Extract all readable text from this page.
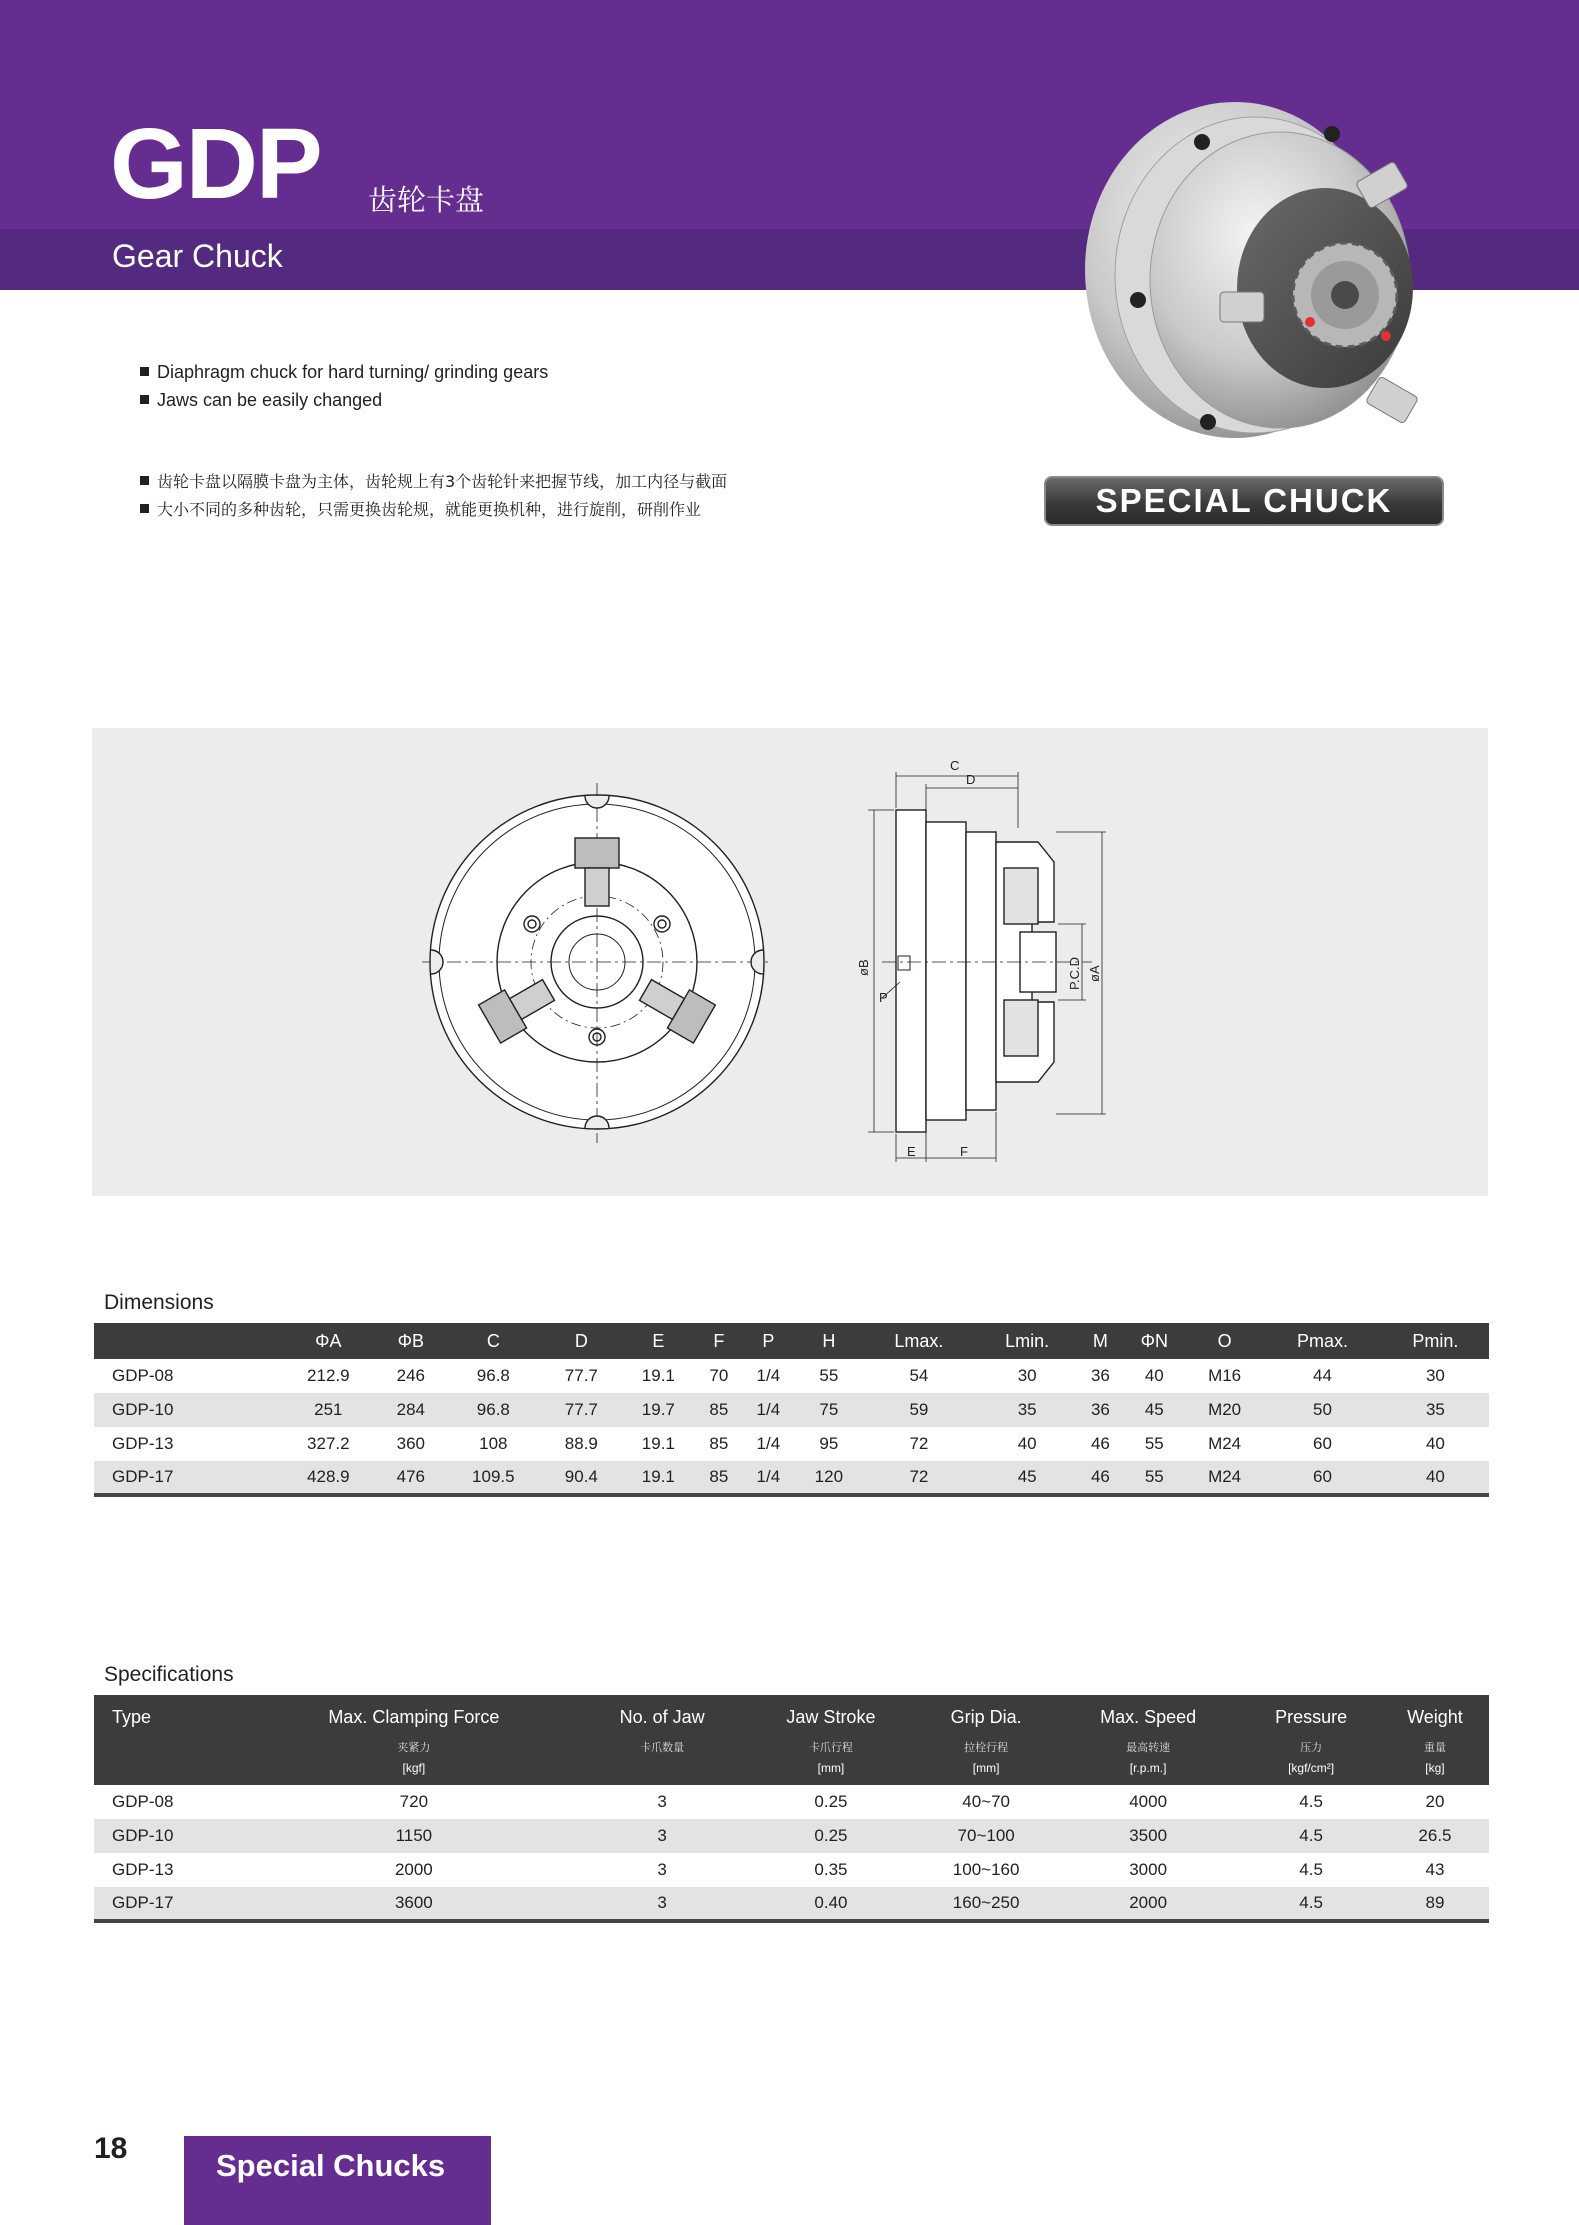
GDP 齿轮卡盘
Gear Chuck
SPECIAL CHUCK
Diaphragm chuck for hard turning/ grinding gears
Jaws can be easily changed
齿轮卡盘以隔膜卡盘为主体，齿轮规上有3个齿轮针来把握节线，加工内径与截面
大小不同的多种齿轮，只需更换齿轮规，就能更换机种，进行旋削，研削作业
C
D
øB
P
P.C.D øA
E	F
Dimensions
	ΦA	ΦB	C	D	E	F	P	H	Lmax.	Lmin.	M	ΦN	O	Pmax.	Pmin.
GDP-08	212.9	246	96.8	77.7	19.1	70	1/4	55	54	30	36	40	M16	44	30
GDP-10	251	284	96.8	77.7	19.7	85	1/4	75	59	35	36	45	M20	50	35
GDP-13	327.2	360	108	88.9	19.1	85	1/4	95	72	40	46	55	M24	60	40
GDP-17	428.9	476	109.5	90.4	19.1	85	1/4	120	72	45	46	55	M24	60	40
Specifications
Type	Max. Clamping Force	No. of Jaw	Jaw Stroke	Grip Dia.	Max. Speed	Pressure	Weight
	夹紧力	卡爪数量	卡爪行程	拉栓行程	最高转速	压力	重量
	[kgf]		[mm]	[mm]	[r.p.m.]	[kgf/cm²]	[kg]
GDP-08	720	3	0.25	40~70	4000	4.5	20
GDP-10	1150	3	0.25	70~100	3500	4.5	26.5
GDP-13	2000	3	0.35	100~160	3000	4.5	43
GDP-17	3600	3	0.40	160~250	2000	4.5	89
18	Special Chucks
